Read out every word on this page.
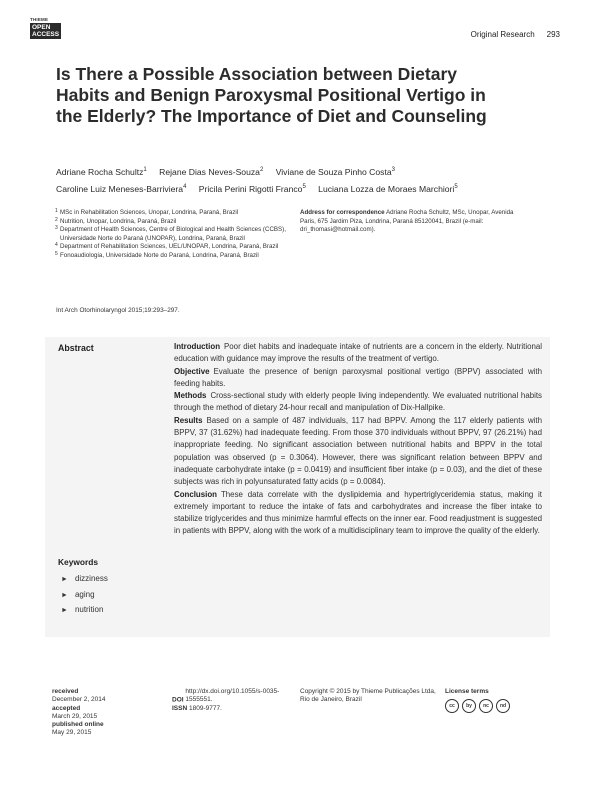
THIEME
OPEN
ACCESS	Original Research 293
Is There a Possible Association between Dietary Habits and Benign Paroxysmal Positional Vertigo in the Elderly? The Importance of Diet and Counseling
Adriane Rocha Schultz$^1$ Rejane Dias Neves-Souza$^2$ Viviane de Souza Pinho Costa$^3$
Caroline Luiz Meneses-Barriviera$^4$ Pricila Perini Rigotti Franco$^5$ Luciana Lozza de Moraes Marchiori$^5$
1 MSc in Rehabilitation Sciences, Unopar, Londrina, Paraná, Brazil
2 Nutrition, Unopar, Londrina, Paraná, Brazil
3 Department of Health Sciences, Centre of Biological and Health Sciences (CCBS), Universidade Norte do Paraná (UNOPAR), Londrina, Paraná, Brazil
4 Department of Rehabilitation Sciences, UEL/UNOPAR, Londrina, Paraná, Brazil
5 Fonoaudiologia, Universidade Norte do Paraná, Londrina, Paraná, Brazil
Address for correspondence Adriane Rocha Schultz, MSc, Unopar, Avenida Paris, 675 Jardim Piza, Londrina, Paraná 85120041, Brazil (e-mail: dri_thomasi@hotmail.com).
Int Arch Otorhinolaryngol 2015;19:293–297.
Abstract	Introduction Poor diet habits and inadequate intake of nutrients are a concern in the elderly. Nutritional education with guidance may improve the results of the treatment of vertigo.

Objective Evaluate the presence of benign paroxysmal positional vertigo (BPPV) associated with feeding habits.

Methods Cross-sectional study with elderly people living independently. We evaluated nutritional habits through the method of dietary 24-hour recall and manipulation of Dix-Hallpike.

Results Based on a sample of 487 individuals, 117 had BPPV. Among the 117 elderly patients with BPPV, 37 (31.62%) had inadequate feeding. From those 370 individuals without BPPV, 97 (26.21%) had inappropriate feeding. No significant association between nutritional habits and BPPV in the total population was observed (p = 0.3064). However, there was significant relation between BPPV and inadequate carbohydrate intake (p = 0.0419) and insufficient fiber intake (p = 0.03), and the diet of these subjects was rich in polyunsaturated fatty acids (p = 0.0084).

Conclusion These data correlate with the dyslipidemia and hypertriglyceridemia status, making it extremely important to reduce the intake of fats and carbohydrates and increase the fiber intake to stabilize triglycerides and thus minimize harmful effects on the inner ear. Food readjustment is suggested in patients with BPPV, along with the work of a multidisciplinary team to improve the quality of the elderly.

Keywords
► dizziness
► aging
► nutrition
received
December 2, 2014
accepted
March 29, 2015
published online
May 29, 2015
DOI http://dx.doi.org/10.1055/s-0035-1555551.
ISSN 1809-9777.
Copyright © 2015 by Thieme Publicações Ltda, Rio de Janeiro, Brazil
License terms
cc by nc nd
